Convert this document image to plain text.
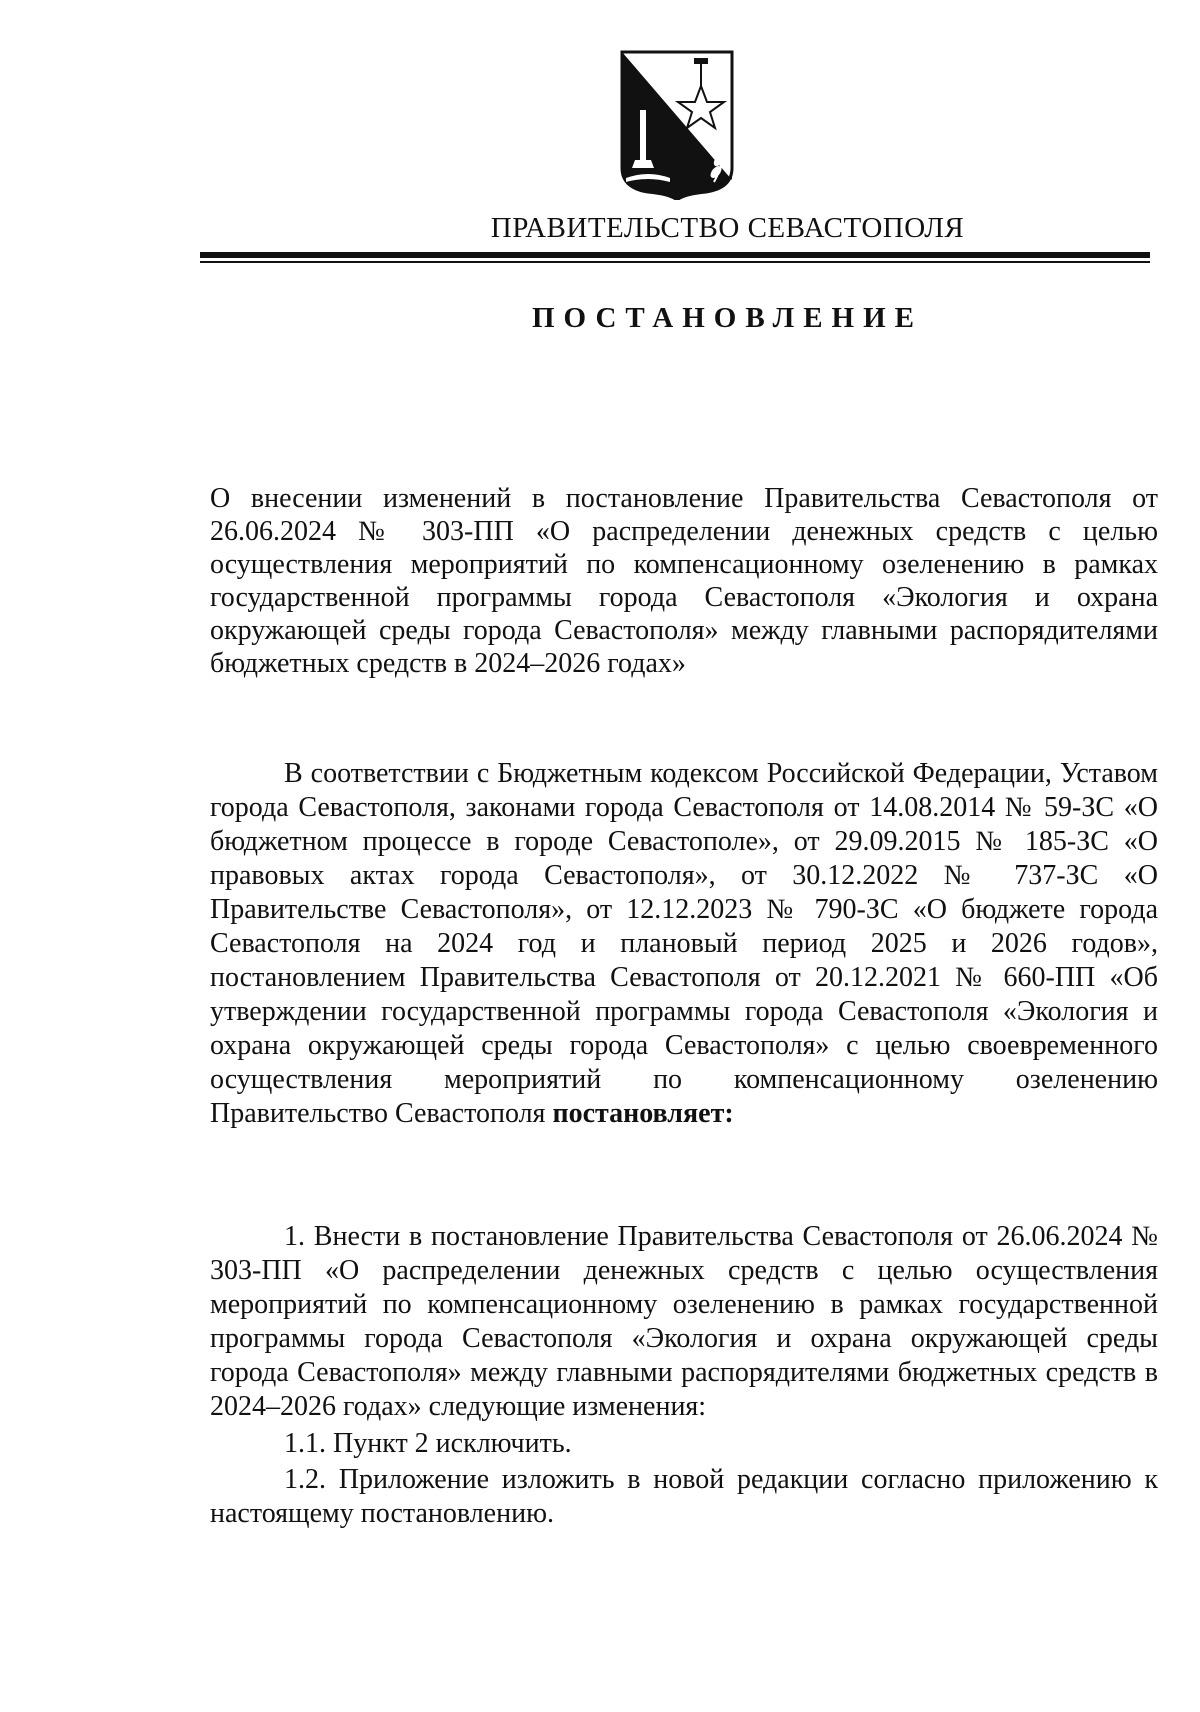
ПРАВИТЕЛЬСТВО СЕВАСТОПОЛЯ

ПОСТАНОВЛЕНИЕ

О внесении изменений в постановление Правительства Севастополя от 26.06.2024 № 303-ПП «О распределении денежных средств с целью осуществления мероприятий по компенсационному озеленению в рамках государственной программы города Севастополя «Экология и охрана окружающей среды города Севастополя» между главными распорядителями бюджетных средств в 2024–2026 годах»

В соответствии с Бюджетным кодексом Российской Федерации, Уставом города Севастополя, законами города Севастополя от 14.08.2014 № 59-ЗС «О бюджетном процессе в городе Севастополе», от 29.09.2015 № 185-ЗС «О правовых актах города Севастополя», от 30.12.2022 № 737-ЗС «О Правительстве Севастополя», от 12.12.2023 № 790-ЗС «О бюджете города Севастополя на 2024 год и плановый период 2025 и 2026 годов», постановлением Правительства Севастополя от 20.12.2021 № 660-ПП «Об утверждении государственной программы города Севастополя «Экология и охрана окружающей среды города Севастополя» с целью своевременного осуществления мероприятий по компенсационному озеленению Правительство Севастополя постановляет:

1. Внести в постановление Правительства Севастополя от 26.06.2024 № 303-ПП «О распределении денежных средств с целью осуществления мероприятий по компенсационному озеленению в рамках государственной программы города Севастополя «Экология и охрана окружающей среды города Севастополя» между главными распорядителями бюджетных средств в 2024–2026 годах» следующие изменения:

1.1. Пункт 2 исключить.

1.2. Приложение изложить в новой редакции согласно приложению к настоящему постановлению.
